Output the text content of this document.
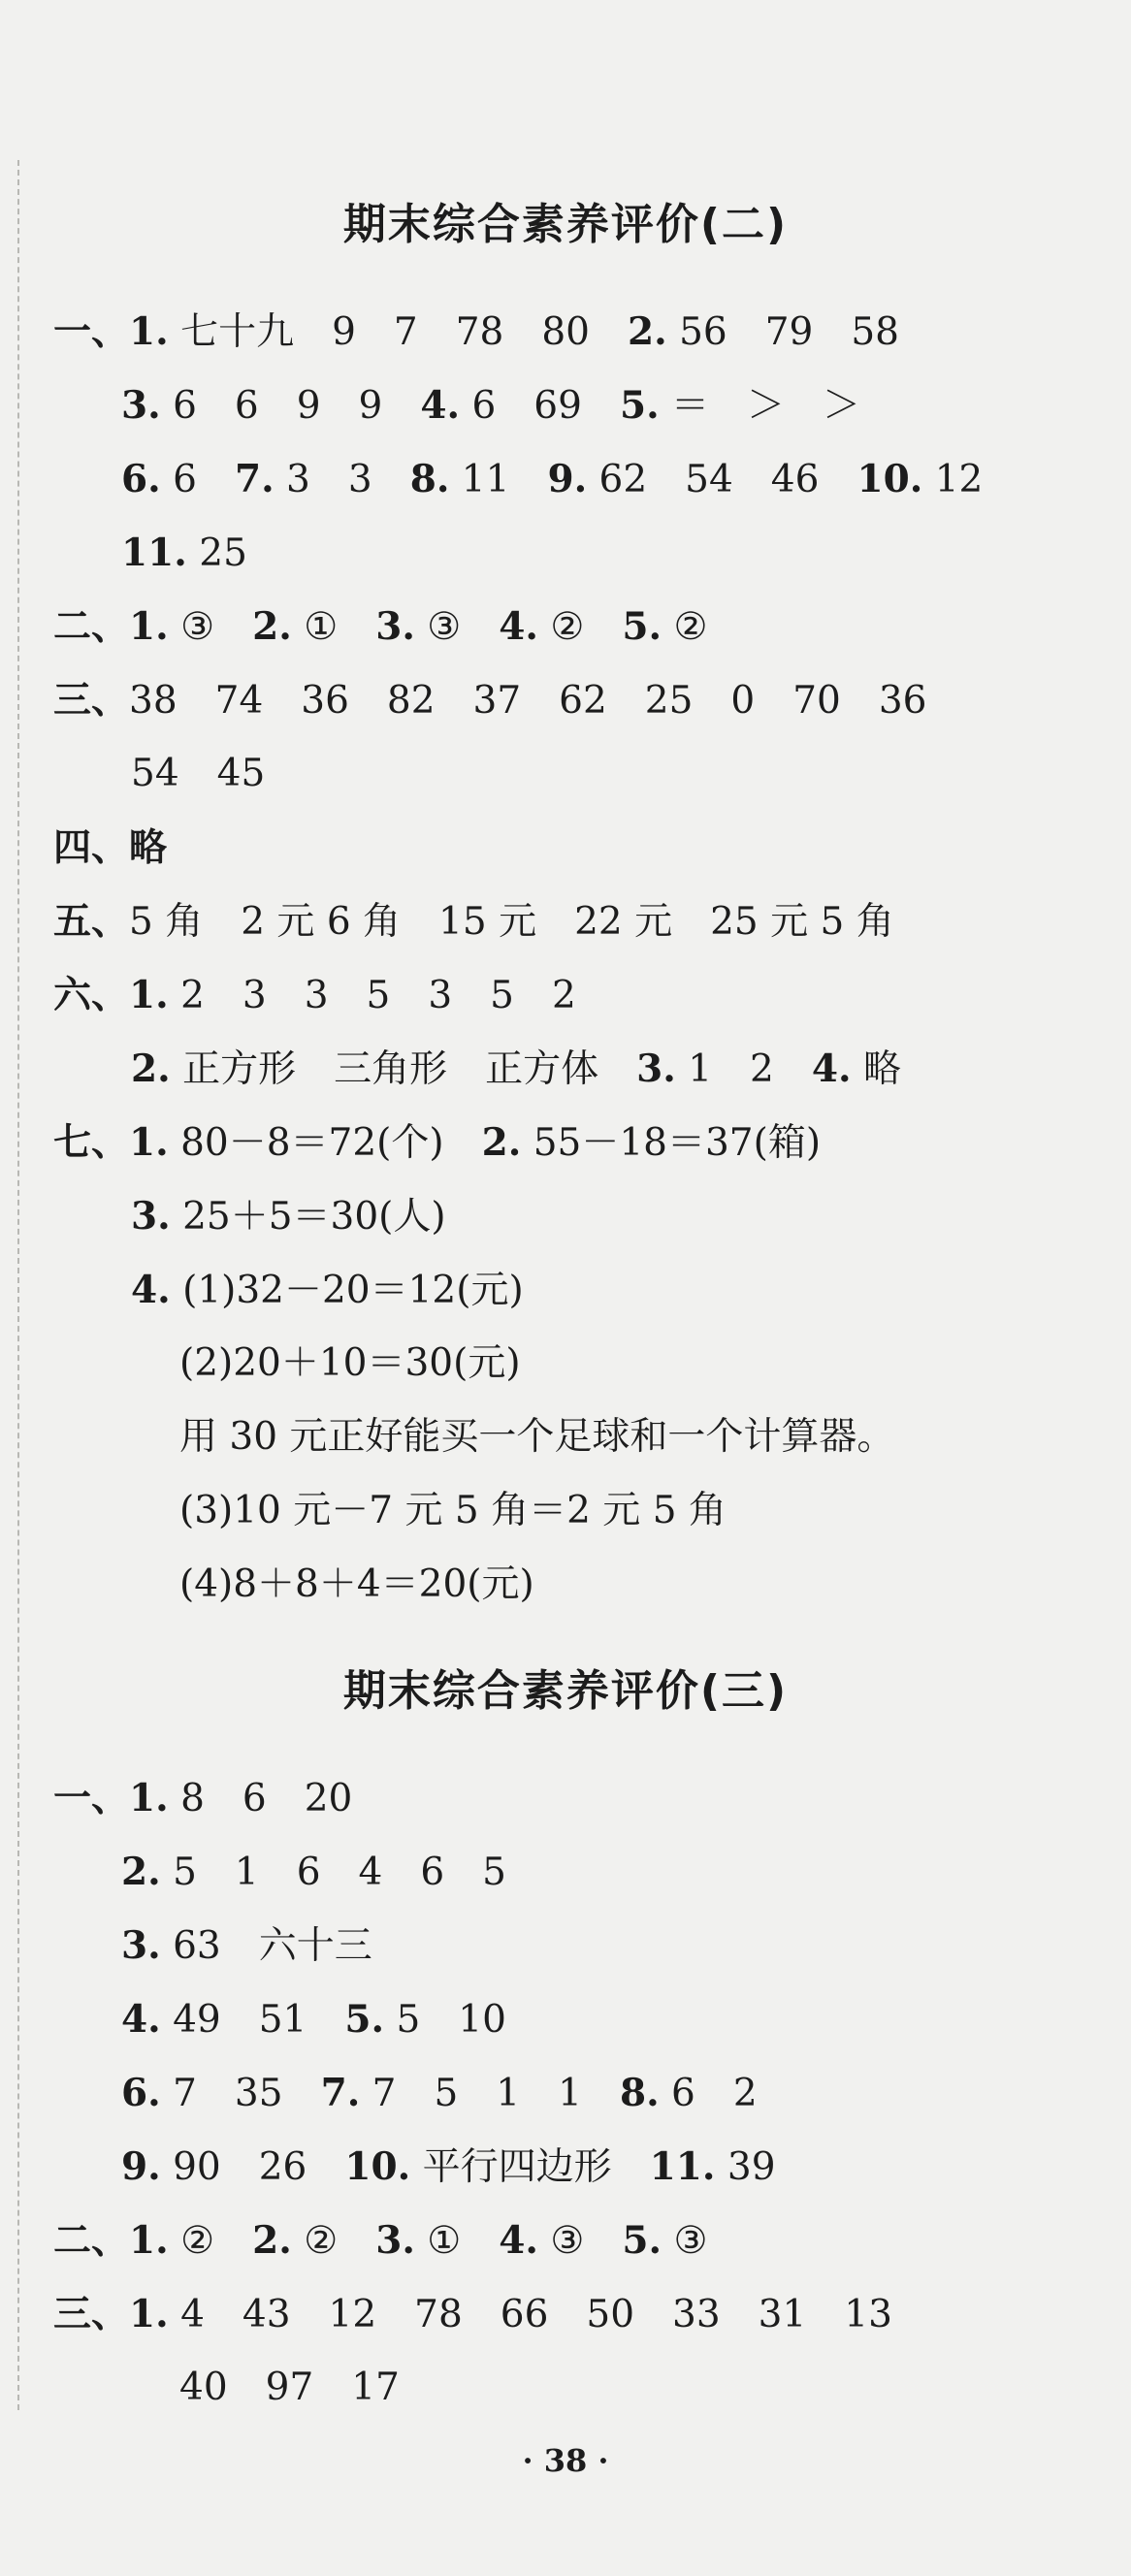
期末综合素养评价(二)
一、1. 七十九　9　7　78　80　2. 56　79　58
3. 6　6　9　9　4. 6　69　5. ＝　＞　＞
6. 6　7. 3　3　8. 11　9. 62　54　46　10. 12
11. 25
二、1. ③　2. ①　3. ③　4. ②　5. ②
三、38　74　36　82　37　62　25　0　70　36
54　45
四、略
五、5 角　2 元 6 角　15 元　22 元　25 元 5 角
六、1. 2　3　3　5　3　5　2
2. 正方形　三角形　正方体　3. 1　2　4. 略
七、1. 80－8＝72(个)　2. 55－18＝37(箱)
3. 25＋5＝30(人)
4. (1)32－20＝12(元)
(2)20＋10＝30(元)
用 30 元正好能买一个足球和一个计算器。
(3)10 元－7 元 5 角＝2 元 5 角
(4)8＋8＋4＝20(元)
期末综合素养评价(三)
一、1. 8　6　20
2. 5　1　6　4　6　5
3. 63　六十三
4. 49　51　5. 5　10
6. 7　35　7. 7　5　1　1　8. 6　2
9. 90　26　10. 平行四边形　11. 39
二、1. ②　2. ②　3. ①　4. ③　5. ③
三、1. 4　43　12　78　66　50　33　31　13
40　97　17
· 38 ·
